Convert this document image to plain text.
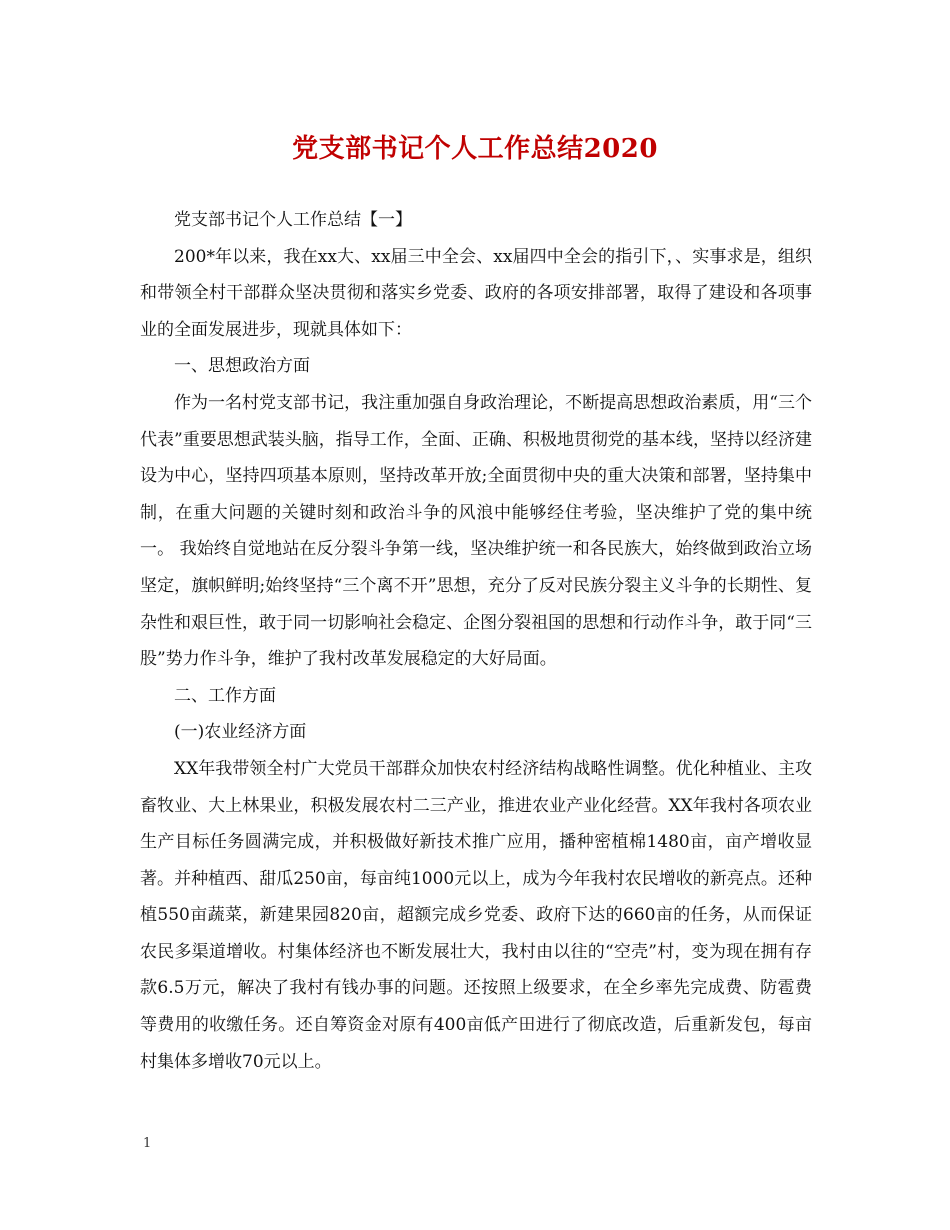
党支部书记个人工作总结2020

党支部书记个人工作总结【一】

200*年以来，我在xx大、xx届三中全会、xx届四中全会的指引下，、实事求是，组织和带领全村干部群众坚决贯彻和落实乡党委、政府的各项安排部署，取得了建设和各项事业的全面发展进步，现就具体如下：

一、思想政治方面

作为一名村党支部书记，我注重加强自身政治理论，不断提高思想政治素质，用“三个代表”重要思想武装头脑，指导工作，全面、正确、积极地贯彻党的基本线，坚持以经济建设为中心，坚持四项基本原则，坚持改革开放;全面贯彻中央的重大决策和部署，坚持集中制，在重大问题的关键时刻和政治斗争的风浪中能够经住考验，坚决维护了党的集中统一。 我始终自觉地站在反分裂斗争第一线，坚决维护统一和各民族大，始终做到政治立场坚定，旗帜鲜明;始终坚持“三个离不开”思想，充分了反对民族分裂主义斗争的长期性、复杂性和艰巨性，敢于同一切影响社会稳定、企图分裂祖国的思想和行动作斗争，敢于同“三股”势力作斗争，维护了我村改革发展稳定的大好局面。

二、工作方面

(一)农业经济方面

XX年我带领全村广大党员干部群众加快农村经济结构战略性调整。优化种植业、主攻畜牧业、大上林果业，积极发展农村二三产业，推进农业产业化经营。XX年我村各项农业生产目标任务圆满完成，并积极做好新技术推广应用，播种密植棉1480亩，亩产增收显著。并种植西、甜瓜250亩，每亩纯1000元以上，成为今年我村农民增收的新亮点。还种植550亩蔬菜，新建果园820亩，超额完成乡党委、政府下达的660亩的任务，从而保证农民多渠道增收。村集体经济也不断发展壮大，我村由以往的“空壳”村，变为现在拥有存款6.5万元，解决了我村有钱办事的问题。还按照上级要求，在全乡率先完成费、防雹费等费用的收缴任务。还自筹资金对原有400亩低产田进行了彻底改造，后重新发包，每亩村集体多增收70元以上。

1
